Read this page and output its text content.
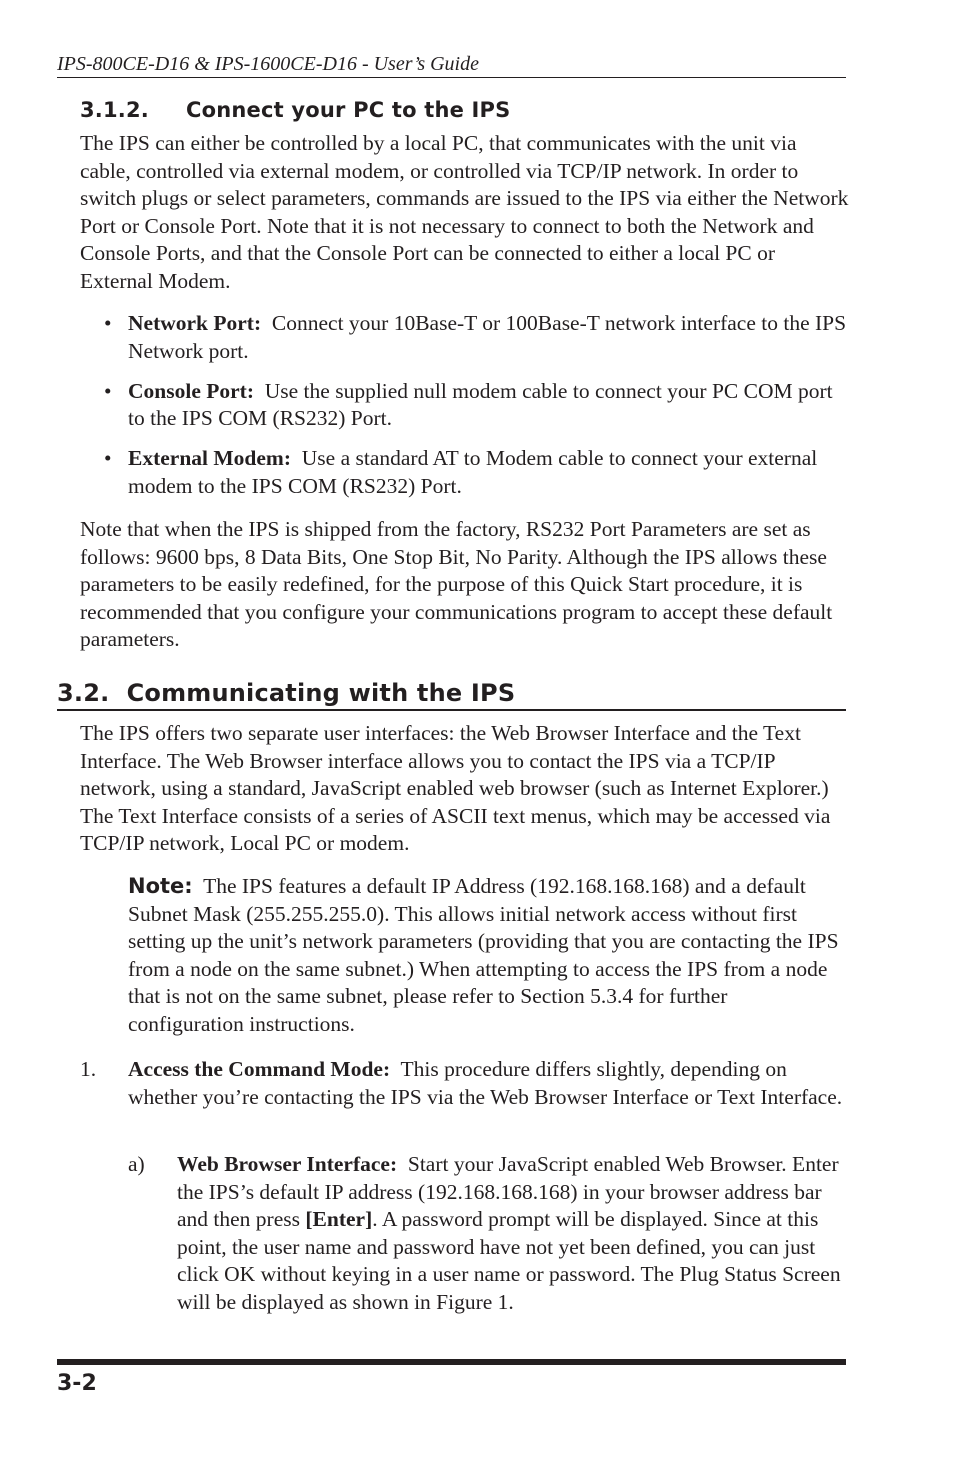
IPS-800CE-D16 & IPS-1600CE-D16 - User’s Guide
3.1.2. Connect your PC to the IPS

The IPS can either be controlled by a local PC, that communicates with the unit via cable, controlled via external modem, or controlled via TCP/IP network. In order to switch plugs or select parameters, commands are issued to the IPS via either the Network Port or Console Port. Note that it is not necessary to connect to both the Network and Console Ports, and that the Console Port can be connected to either a local PC or External Modem.

• Network Port: Connect your 10Base-T or 100Base-T network interface to the IPS Network port.
• Console Port: Use the supplied null modem cable to connect your PC COM port to the IPS COM (RS232) Port.
• External Modem: Use a standard AT to Modem cable to connect your external modem to the IPS COM (RS232) Port.

Note that when the IPS is shipped from the factory, RS232 Port Parameters are set as follows: 9600 bps, 8 Data Bits, One Stop Bit, No Parity. Although the IPS allows these parameters to be easily redefined, for the purpose of this Quick Start procedure, it is recommended that you configure your communications program to accept these default parameters.

3.2. Communicating with the IPS

The IPS offers two separate user interfaces: the Web Browser Interface and the Text Interface. The Web Browser interface allows you to contact the IPS via a TCP/IP network, using a standard, JavaScript enabled web browser (such as Internet Explorer.) The Text Interface consists of a series of ASCII text menus, which may be accessed via TCP/IP network, Local PC or modem.

Note: The IPS features a default IP Address (192.168.168.168) and a default Subnet Mask (255.255.255.0). This allows initial network access without first setting up the unit’s network parameters (providing that you are contacting the IPS from a node on the same subnet.) When attempting to access the IPS from a node that is not on the same subnet, please refer to Section 5.3.4 for further configuration instructions.

1. Access the Command Mode: This procedure differs slightly, depending on whether you’re contacting the IPS via the Web Browser Interface or Text Interface.
a) Web Browser Interface: Start your JavaScript enabled Web Browser. Enter the IPS’s default IP address (192.168.168.168) in your browser address bar and then press [Enter]. A password prompt will be displayed. Since at this point, the user name and password have not yet been defined, you can just click OK without keying in a user name or password. The Plug Status Screen will be displayed as shown in Figure 1.
3-2
